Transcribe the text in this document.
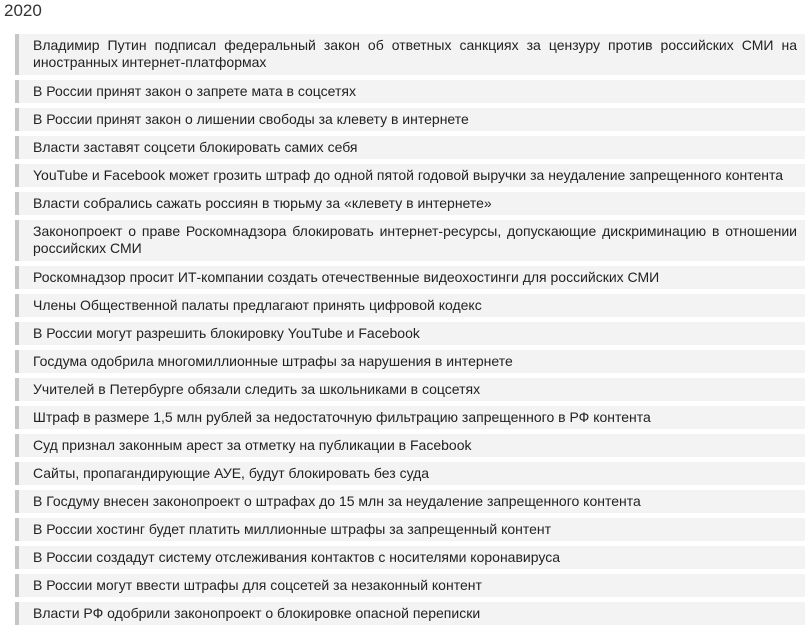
2020
Владимир Путин подписал федеральный закон об ответных санкциях за цензуру против российских СМИ на иностранных интернет-платформах
В России принят закон о запрете мата в соцсетях
В России принят закон о лишении свободы за клевету в интернете
Власти заставят соцсети блокировать самих себя
YouTube и Facebook может грозить штраф до одной пятой годовой выручки за неудаление запрещенного контента
Власти собрались сажать россиян в тюрьму за «клевету в интернете»
Законопроект о праве Роскомнадзора блокировать интернет-ресурсы, допускающие дискриминацию в отношении российских СМИ
Роскомнадзор просит ИТ-компании создать отечественные видеохостинги для российских СМИ
Члены Общественной палаты предлагают принять цифровой кодекс
В России могут разрешить блокировку YouTube и Facebook
Госдума одобрила многомиллионные штрафы за нарушения в интернете
Учителей в Петербурге обязали следить за школьниками в соцсетях
Штраф в размере 1,5 млн рублей за недостаточную фильтрацию запрещенного в РФ контента
Суд признал законным арест за отметку на публикации в Facebook
Сайты, пропагандирующие АУЕ, будут блокировать без суда
В Госдуму внесен законопроект о штрафах до 15 млн за неудаление запрещенного контента
В России хостинг будет платить миллионные штрафы за запрещенный контент
В России создадут систему отслеживания контактов с носителями коронавируса
В России могут ввести штрафы для соцсетей за незаконный контент
Власти РФ одобрили законопроект о блокировке опасной переписки
